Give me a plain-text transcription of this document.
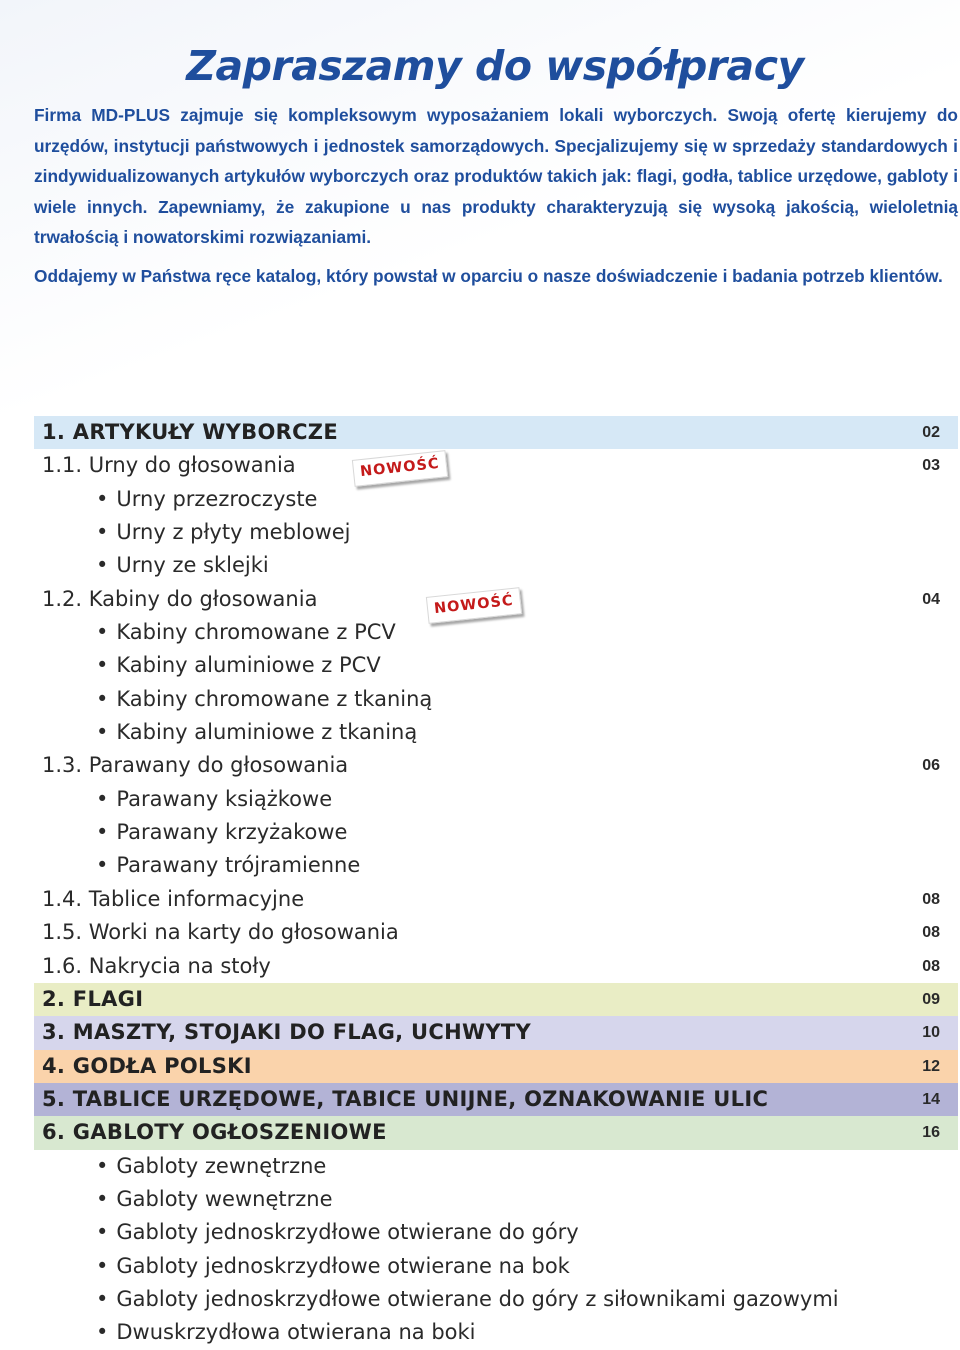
Zapraszamy do współpracy

Firma MD-PLUS zajmuje się kompleksowym wyposażaniem lokali wyborczych. Swoją ofertę kierujemy do urzędów, instytucji państwowych i jednostek samorządowych. Specjalizujemy się w sprzedaży standardowych i zindywidualizowanych artykułów wyborczych oraz produktów takich jak: flagi, godła, tablice urzędowe, gabloty i wiele innych. Zapewniamy, że zakupione u nas produkty charakteryzują się wysoką jakością, wieloletnią trwałością i nowatorskimi rozwiązaniami.

Oddajemy w Państwa ręce katalog, który powstał w oparciu o nasze doświadczenie i badania potrzeb klientów.

1. ARTYKUŁY WYBORCZE	02
1.1. Urny do głosowania	03
• Urny przezroczyste
• Urny z płyty meblowej
• Urny ze sklejki
1.2. Kabiny do głosowania	04
• Kabiny chromowane z PCV
• Kabiny aluminiowe z PCV
• Kabiny chromowane z tkaniną
• Kabiny aluminiowe z tkaniną
1.3. Parawany do głosowania	06
• Parawany książkowe
• Parawany krzyżakowe
• Parawany trójramienne
1.4. Tablice informacyjne	08
1.5. Worki na karty do głosowania	08
1.6. Nakrycia na stoły	08
2. FLAGI	09
3. MASZTY, STOJAKI DO FLAG, UCHWYTY	10
4. GODŁA POLSKI	12
5. TABLICE URZĘDOWE, TABICE UNIJNE, OZNAKOWANIE ULIC	14
6. GABLOTY OGŁOSZENIOWE	16
• Gabloty zewnętrzne
• Gabloty wewnętrzne
• Gabloty jednoskrzydłowe otwierane do góry
• Gabloty jednoskrzydłowe otwierane na bok
• Gabloty jednoskrzydłowe otwierane do góry z siłownikami gazowymi
• Dwuskrzydłowa otwierana na boki
NOWOŚĆ
NOWOŚĆ
